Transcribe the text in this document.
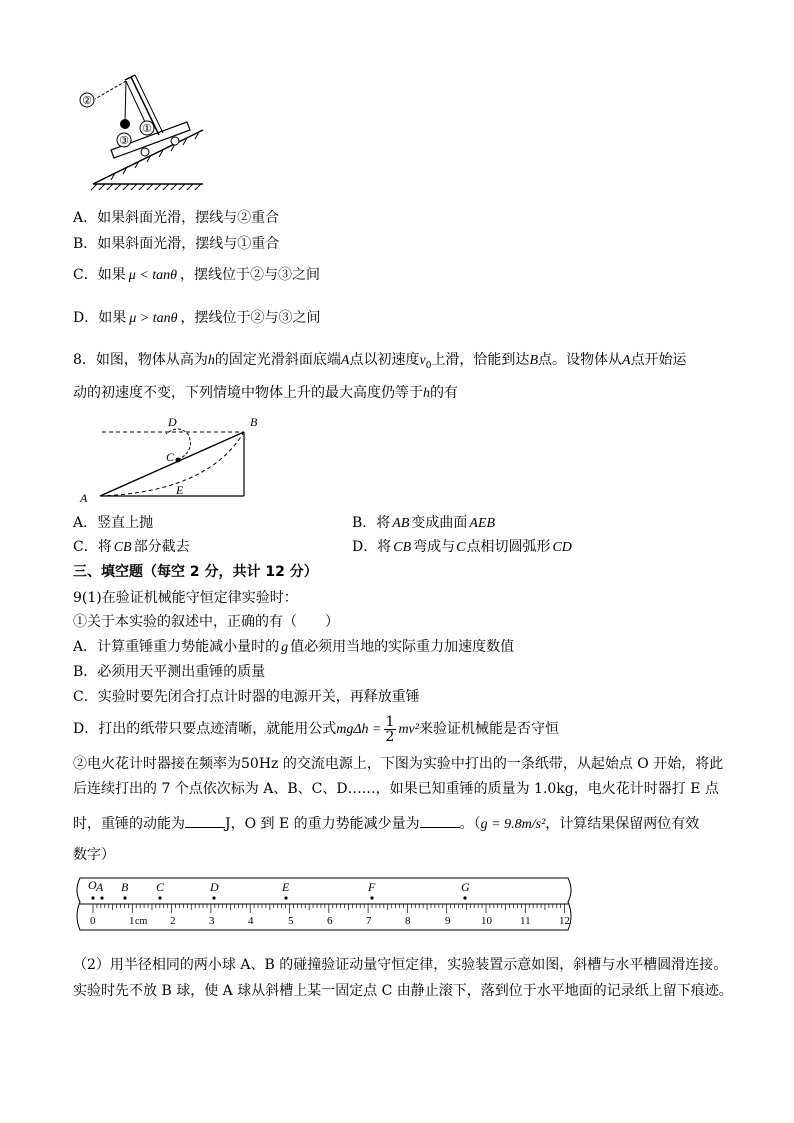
②
①
③
A．如果斜面光滑，摆线与②重合
B．如果斜面光滑，摆线与①重合
C．如果 μ < tanθ ，摆线位于②与③之间
D．如果 μ > tanθ ，摆线位于②与③之间
8．如图，物体从高为h的固定光滑斜面底端A点以初速度$v_0$上滑，恰能到达B点。设物体从A点开始运
动的初速度不变，下列情境中物体上升的最大高度仍等于h的有
D	B
C
E
A
A．竖直上抛	B．将 AB 变成曲面 AEB
C．将 CB 部分截去	D．将 CB 弯成与C点相切圆弧形 CD
三、填空题（每空 2 分，共计 12 分）
9(1)在验证机械能守恒定律实验时：
①关于本实验的叙述中，正确的有（　　）
A．计算重锤重力势能减小量时的 g 值必须用当地的实际重力加速度数值
B．必须用天平测出重锤的质量
C．实验时要先闭合打点计时器的电源开关，再释放重锤
D．打出的纸带只要点迹清晰，就能用公式$mg\Delta h = \frac{1}{2} mv^2$来验证机械能是否守恒
②电火花计时器接在频率为50Hz 的交流电源上，下图为实验中打出的一条纸带，从起始点 O 开始，将此
后连续打出的 7 个点依次标为 A、B、C、D……，如果已知重锤的质量为 1.0kg，电火花计时器打 E 点
时，重锤的动能为	J，O 到 E 的重力势能减少量为	。（g = 9.8m/s²，计算结果保留两位有效
数字）
O A B C	D	E	F	G
0	1 cm 2	3	4	5	6	7	8	9	10	11	12
（2）用半径相同的两小球 A、B 的碰撞验证动量守恒定律，实验装置示意如图，斜槽与水平槽圆滑连接。
实验时先不放 B 球，使 A 球从斜槽上某一固定点 C 由静止滚下，落到位于水平地面的记录纸上留下痕迹。
